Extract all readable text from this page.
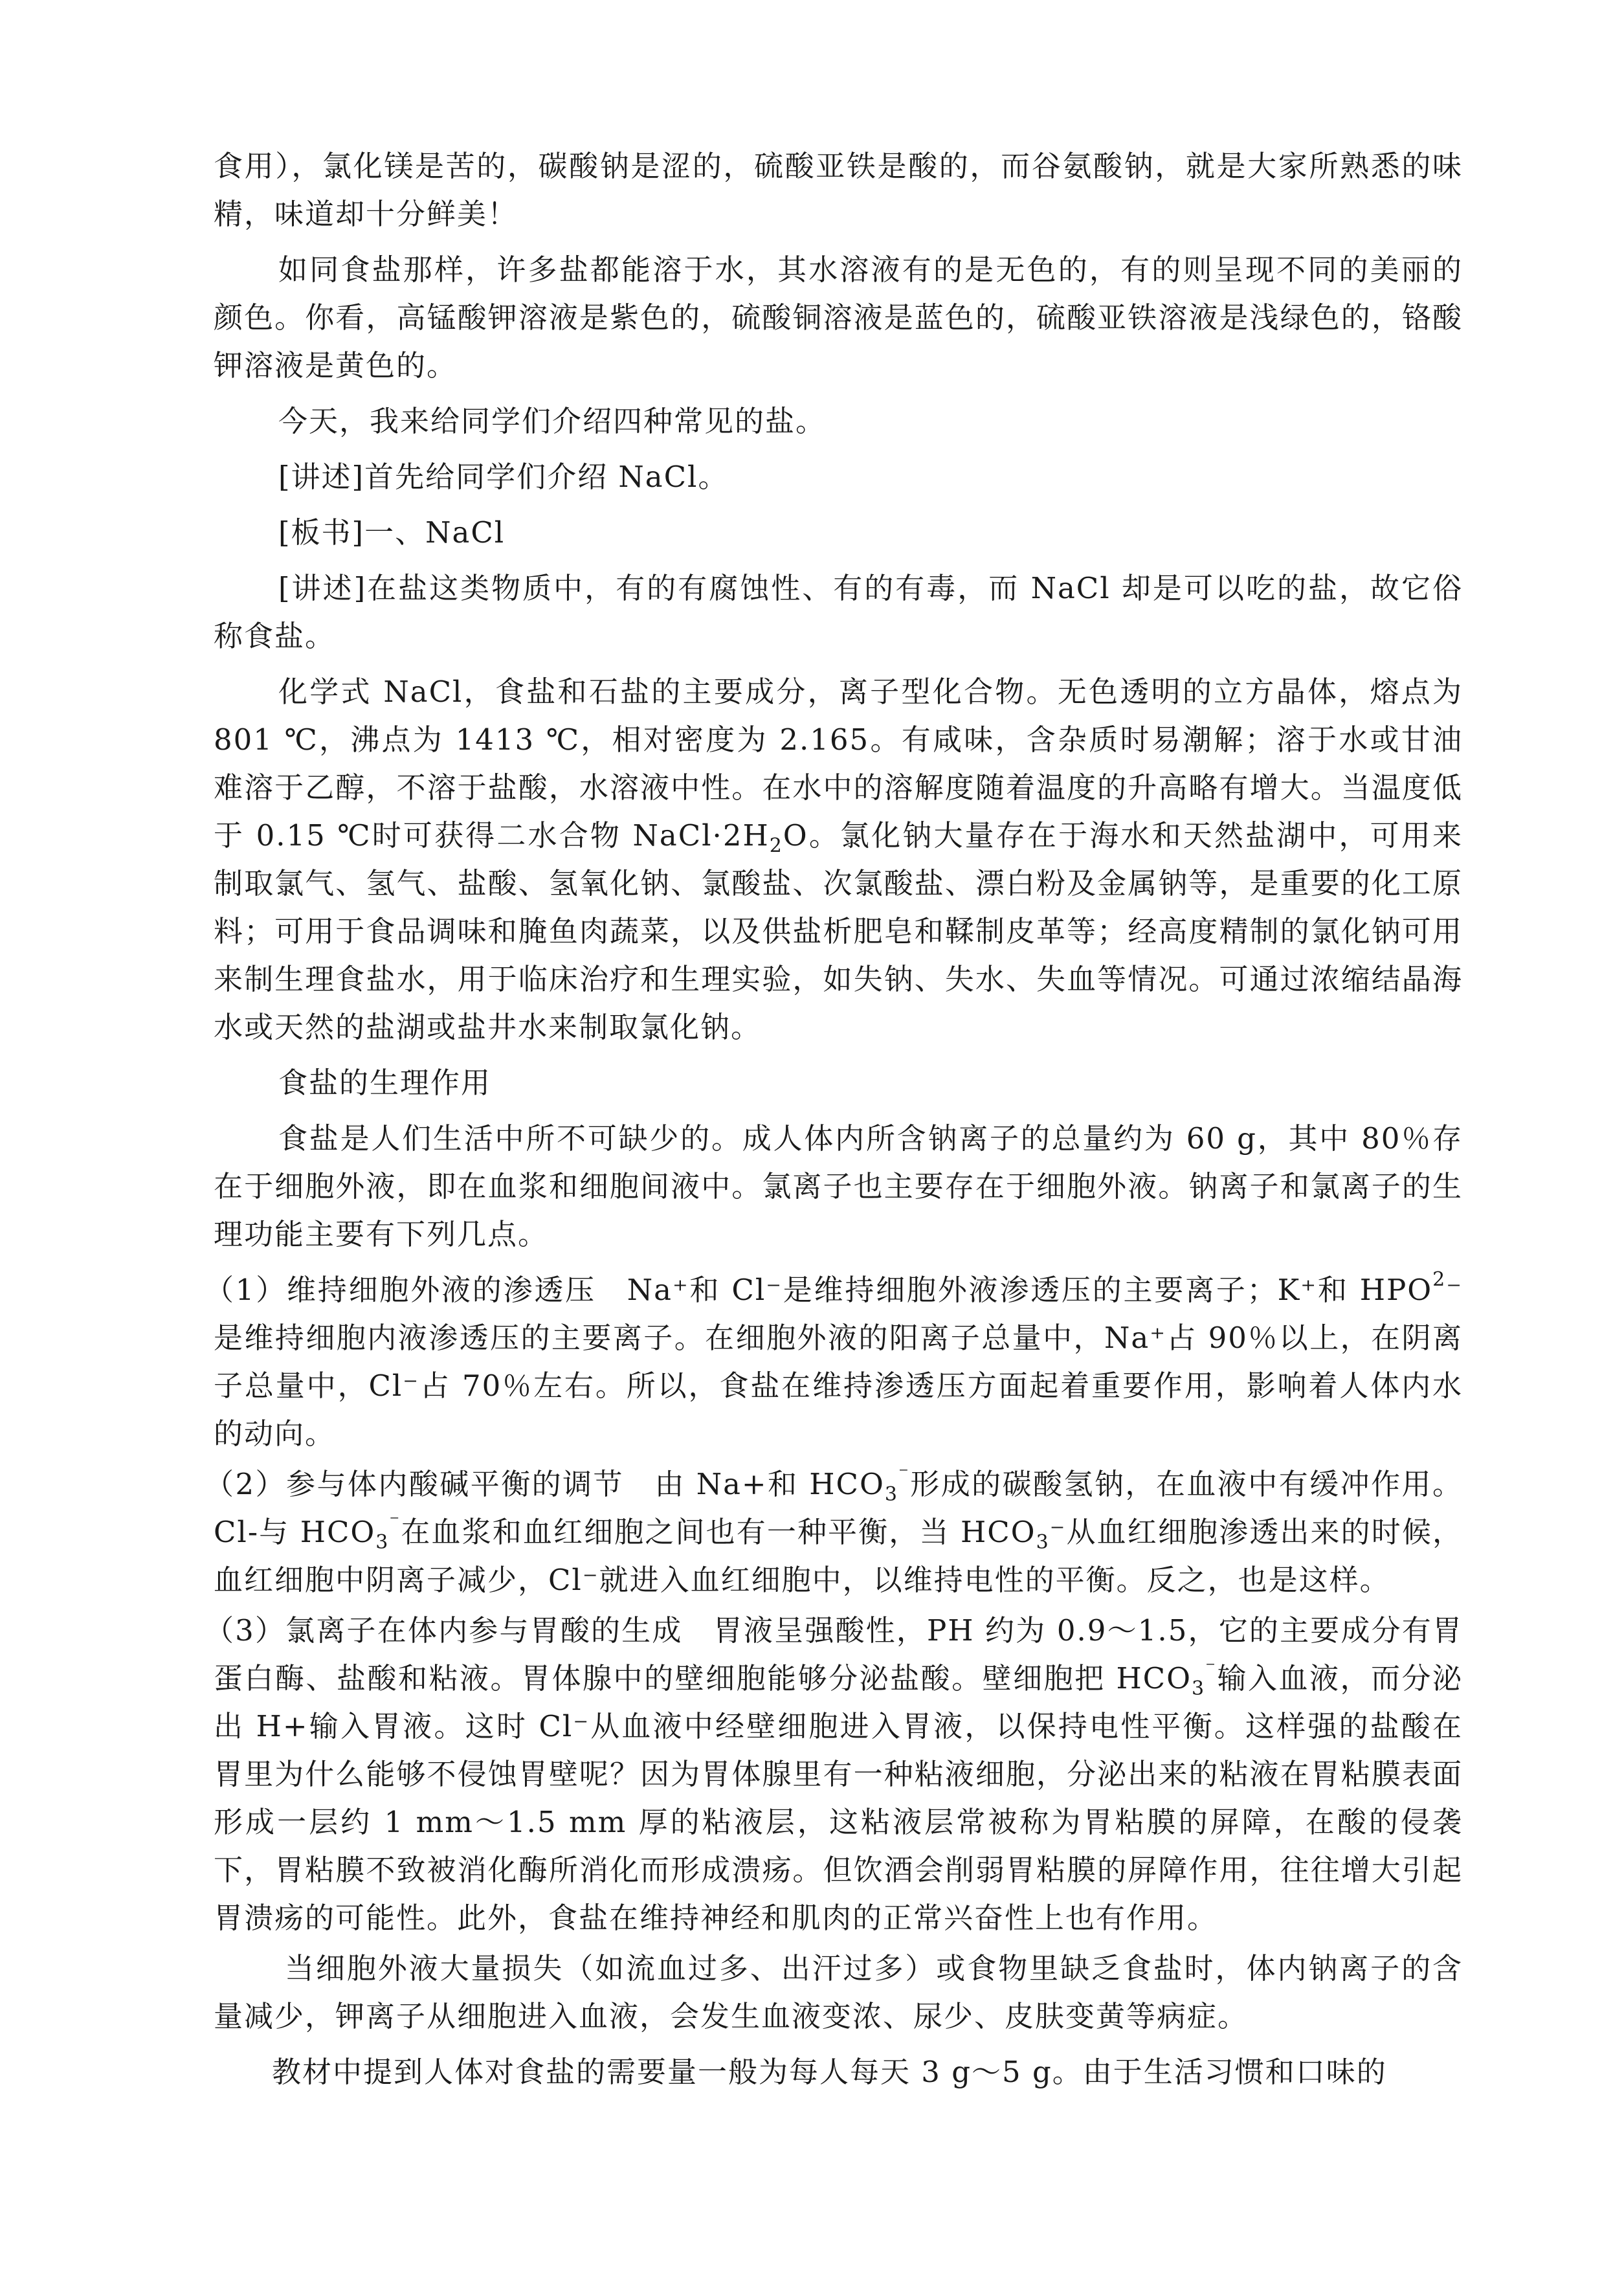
食用），氯化镁是苦的，碳酸钠是涩的，硫酸亚铁是酸的，而谷氨酸钠，就是大家所熟悉的味精，味道却十分鲜美！

如同食盐那样，许多盐都能溶于水，其水溶液有的是无色的，有的则呈现不同的美丽的颜色。你看，高锰酸钾溶液是紫色的，硫酸铜溶液是蓝色的，硫酸亚铁溶液是浅绿色的，铬酸钾溶液是黄色的。

今天，我来给同学们介绍四种常见的盐。

[讲述]首先给同学们介绍 NaCl。

[板书]一、NaCl

[讲述]在盐这类物质中，有的有腐蚀性、有的有毒，而 NaCl 却是可以吃的盐，故它俗称食盐。

化学式 NaCl，食盐和石盐的主要成分，离子型化合物。无色透明的立方晶体，熔点为 801 ℃，沸点为 1413 ℃，相对密度为 2.165。有咸味，含杂质时易潮解；溶于水或甘油难溶于乙醇，不溶于盐酸，水溶液中性。在水中的溶解度随着温度的升高略有增大。当温度低于 0.15 ℃时可获得二水合物 $NaCl\cdot 2H_2O$。氯化钠大量存在于海水和天然盐湖中，可用来制取氯气、氢气、盐酸、氢氧化钠、氯酸盐、次氯酸盐、漂白粉及金属钠等，是重要的化工原料；可用于食品调味和腌鱼肉蔬菜，以及供盐析肥皂和鞣制皮革等；经高度精制的氯化钠可用来制生理食盐水，用于临床治疗和生理实验，如失钠、失水、失血等情况。可通过浓缩结晶海水或天然的盐湖或盐井水来制取氯化钠。

食盐的生理作用

食盐是人们生活中所不可缺少的。成人体内所含钠离子的总量约为 60 g，其中 80％存在于细胞外液，即在血浆和细胞间液中。氯离子也主要存在于细胞外液。钠离子和氯离子的生理功能主要有下列几点。

（1）维持细胞外液的渗透压　Na⁺和 Cl⁻是维持细胞外液渗透压的主要离子；K⁺和 HPO$^2$⁻是维持细胞内液渗透压的主要离子。在细胞外液的阳离子总量中，Na⁺占 90％以上，在阴离子总量中，Cl⁻占 70％左右。所以，食盐在维持渗透压方面起着重要作用，影响着人体内水的动向。

（2）参与体内酸碱平衡的调节　由 Na+和 $HCO_3^{^-}$形成的碳酸氢钠，在血液中有缓冲作用。Cl-与 $HCO_3^{^-}$在血浆和血红细胞之间也有一种平衡，当 $HCO_3^-$从血红细胞渗透出来的时候，血红细胞中阴离子减少，Cl⁻就进入血红细胞中，以维持电性的平衡。反之，也是这样。

（3）氯离子在体内参与胃酸的生成　胃液呈强酸性，PH 约为 0.9～1.5，它的主要成分有胃蛋白酶、盐酸和粘液。胃体腺中的壁细胞能够分泌盐酸。壁细胞把 $HCO_3^{^-}$输入血液，而分泌出 H+输入胃液。这时 Cl⁻从血液中经壁细胞进入胃液，以保持电性平衡。这样强的盐酸在胃里为什么能够不侵蚀胃壁呢？因为胃体腺里有一种粘液细胞，分泌出来的粘液在胃粘膜表面形成一层约 1 mm～1.5 mm 厚的粘液层，这粘液层常被称为胃粘膜的屏障，在酸的侵袭下，胃粘膜不致被消化酶所消化而形成溃疡。但饮酒会削弱胃粘膜的屏障作用，往往增大引起胃溃疡的可能性。此外，食盐在维持神经和肌肉的正常兴奋性上也有作用。

当细胞外液大量损失（如流血过多、出汗过多）或食物里缺乏食盐时，体内钠离子的含量减少，钾离子从细胞进入血液，会发生血液变浓、尿少、皮肤变黄等病症。

教材中提到人体对食盐的需要量一般为每人每天 3 g～5 g。由于生活习惯和口味的
